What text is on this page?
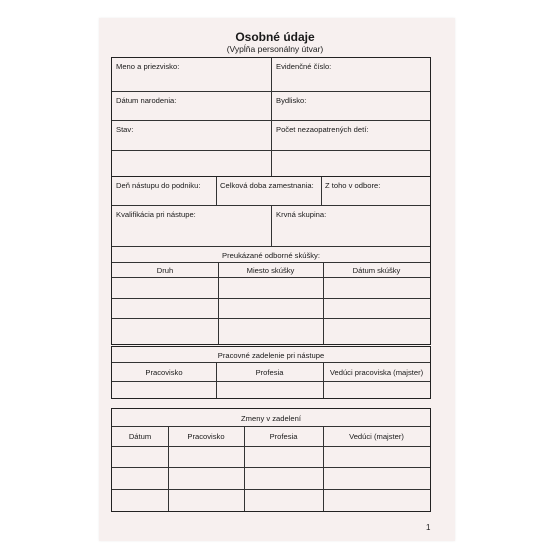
Osobné údaje
(Vypĺňa personálny útvar)
Meno a priezvisko:	Evidenčné číslo:
Dátum narodenia:	Bydlisko:
Stav:	Počet nezaopatrených detí:
Deň nástupu do podniku:	Celková doba zamestnania: Z toho v odbore:
Kvalifikácia pri nástupe:	Krvná skupina:
Preukázané odborné skúšky:
Druh	Miesto skúšky	Dátum skúšky
Pracovné zadelenie pri nástupe
Pracovisko	Profesia	Vedúci pracoviska (majster)
Zmeny v zadelení
Dátum	Pracovisko	Profesia	Vedúci (majster)
1
